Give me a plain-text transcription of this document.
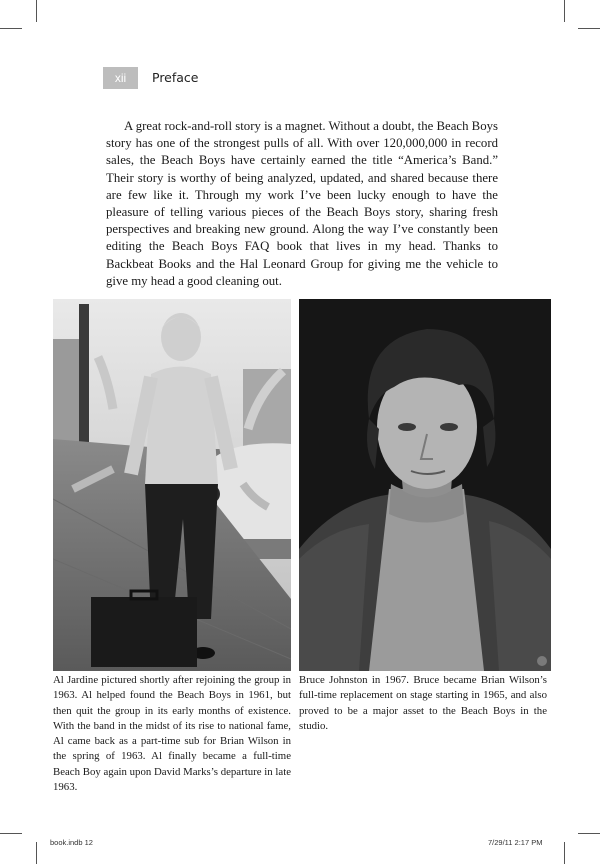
xii	Preface

A great rock-and-roll story is a magnet. Without a doubt, the Beach Boys story has one of the strongest pulls of all. With over 120,000,000 in record sales, the Beach Boys have certainly earned the title “America’s Band.” Their story is worthy of being analyzed, updated, and shared because there are few like it. Through my work I’ve been lucky enough to have the pleasure of telling various pieces of the Beach Boys story, sharing fresh perspectives and breaking new ground. Along the way I’ve constantly been editing the Beach Boys FAQ book that lives in my head. Thanks to Backbeat Books and the Hal Leonard Group for giving me the vehicle to give my head a good cleaning out.

Al Jardine pictured shortly after rejoining the group in 1963. Al helped found the Beach Boys in 1961, but then quit the group in its early months of existence. With the band in the midst of its rise to national fame, Al came back as a part-time sub for Brian Wilson in the spring of 1963. Al finally became a full-time Beach Boy again upon David Marks’s departure in late 1963.

Bruce Johnston in 1967. Bruce became Brian Wilson’s full-time replacement on stage starting in 1965, and also proved to be a major asset to the Beach Boys in the studio.

book.indb 12	7/29/11 2:17 PM
